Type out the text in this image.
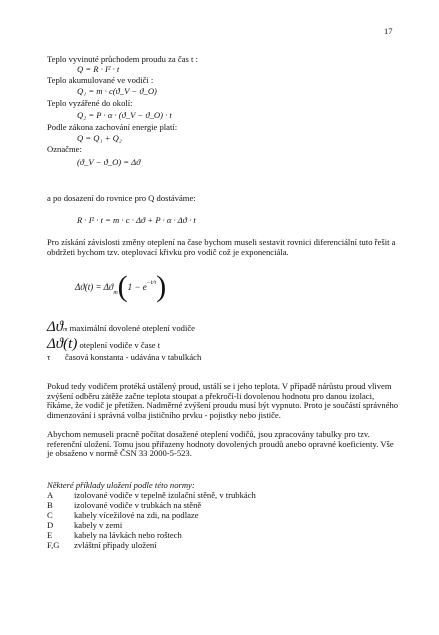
17
Teplo vyvinuté průchodem proudu za čas t :
Q = R · I² · t
Teplo akumulované ve vodiči :
Q₁ = m · c(ϑ_V − ϑ_O)
Teplo vyzářené do okolí:
Q₂ = P · α · (ϑ_V − ϑ_O) · t
Podle zákona zachování energie platí:
Q = Q₁ + Q₂
Označme:
(ϑ_V − ϑ_O) = Δϑ
a po dosazení do rovnice pro Q dostáváme:
R · I² · t = m · c · Δϑ + P · α · Δϑ · t
Pro získání závislosti změny oteplení na čase bychom museli sestavit rovnici diferenciální tuto řešit a obdržeti bychom tzv. oteplovací křivku pro vodič což je exponenciála.
$\Delta ϑ(t) = \Delta ϑ_m(1 - e^{-t/\tau})$
Δϑm maximální dovolené oteplení vodiče
Δϑ(t) oteplení vodiče v čase t
τ časová konstanta - udávána v tabulkách
Pokud tedy vodičem protéká ustálený proud, ustálí se i jeho teplota. V případě nárůstu proud vlivem zvýšení odběru zátěže začne teplota stoupat a překročí-li dovolenou hodnotu pro danou izolaci, říkáme, že vodič je přetížen. Nadměrné zvýšení proudu musí být vypnuto. Proto je součástí správného dimenzování i správná volba jističního prvku - pojistky nebo jističe.
Abychom nemuseli pracně počítat dosažené oteplení vodičů, jsou zpracovány tabulky pro tzv. referenční uložení. Tomu jsou přiřazeny hodnoty dovolených proudů anebo opravné koeficienty. Vše je obsaženo v normě ČSN 33 2000-5-523.
Některé příklady uložení podle této normy:
A izolované vodiče v tepelně izolační stěně, v trubkách
B izolované vodiče v trubkách na stěně
C kabely vícežilové na zdi, na podlaze
D kabely v zemi
E	kabely na lávkách nebo roštech
F,G zvláštní případy uložení
